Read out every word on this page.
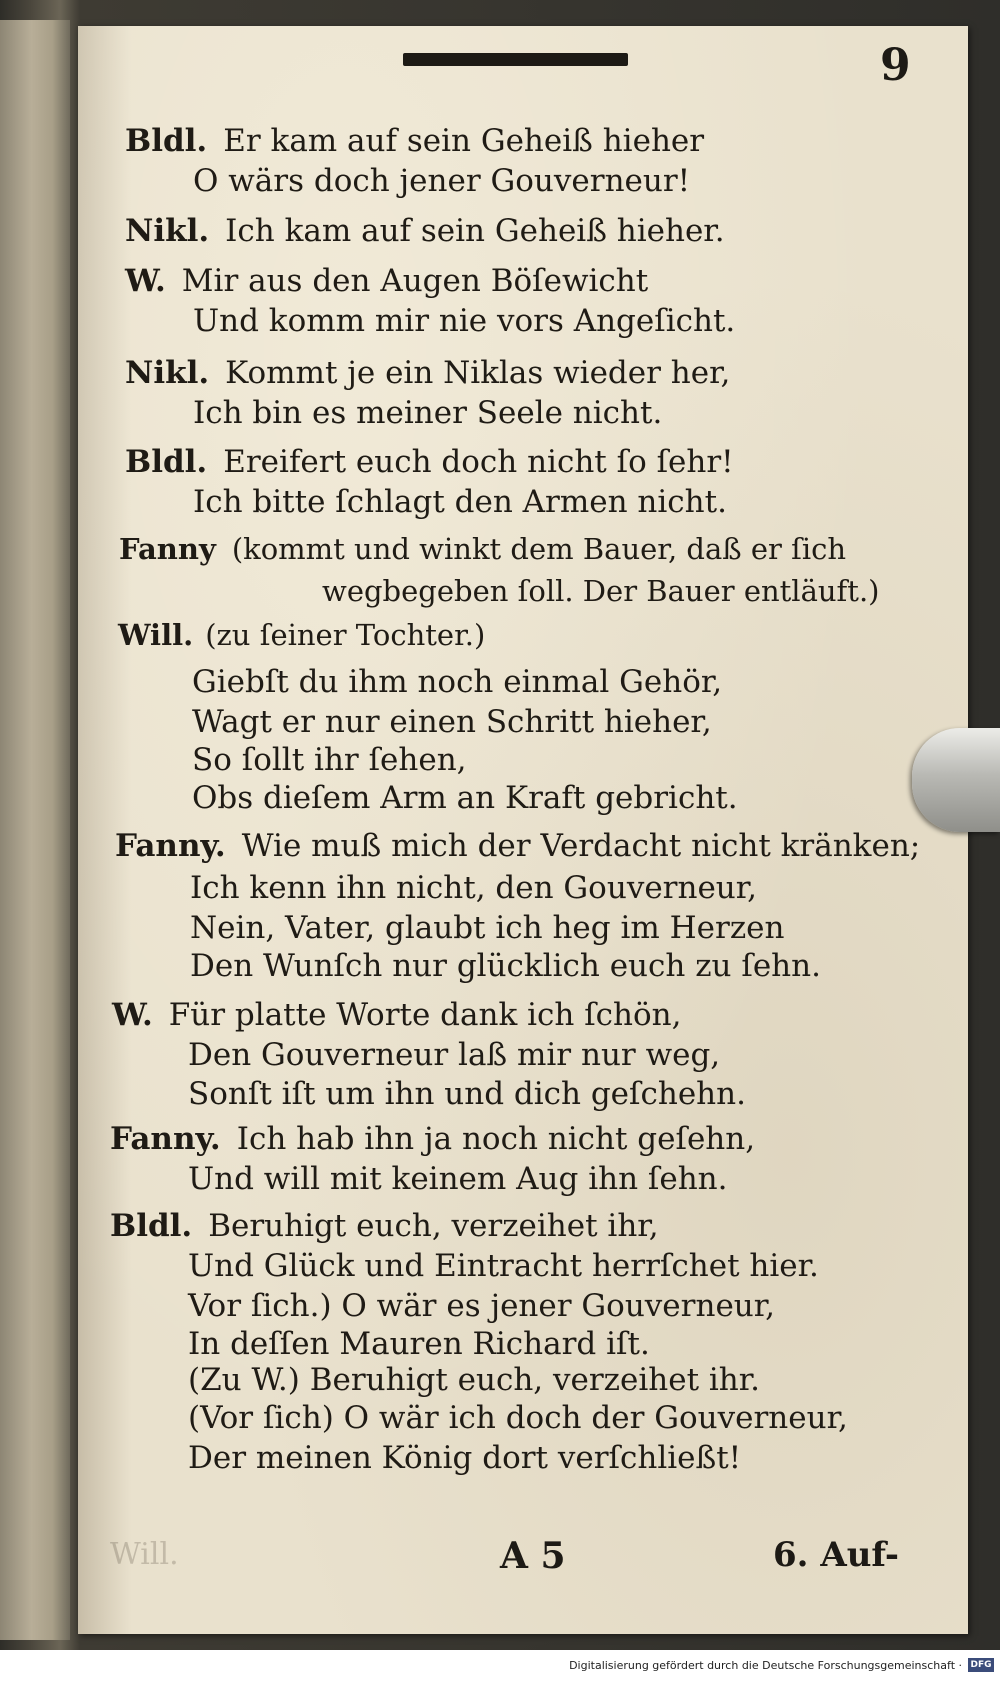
9
Bldl. Er kam auf sein Geheiß hieher
O wärs doch jener Gouverneur!
Nikl. Ich kam auf sein Geheiß hieher.
W. Mir aus den Augen Böſewicht
Und komm mir nie vors Angeſicht.
Nikl. Kommt je ein Niklas wieder her,
Ich bin es meiner Seele nicht.
Bldl. Ereifert euch doch nicht ſo ſehr!
Ich bitte ſchlagt den Armen nicht.
Fanny (kommt und winkt dem Bauer, daß er ſich
wegbegeben ſoll. Der Bauer entläuft.)
Will. (zu ſeiner Tochter.)
Giebſt du ihm noch einmal Gehör,
Wagt er nur einen Schritt hieher,
So ſollt ihr ſehen,
Obs dieſem Arm an Kraft gebricht.
Fanny. Wie muß mich der Verdacht nicht kränken;
Ich kenn ihn nicht, den Gouverneur,
Nein, Vater, glaubt ich heg im Herzen
Den Wunſch nur glücklich euch zu ſehn.
W. Für platte Worte dank ich ſchön,
Den Gouverneur laß mir nur weg,
Sonſt iſt um ihn und dich geſchehn.
Fanny. Ich hab ihn ja noch nicht geſehn,
Und will mit keinem Aug ihn ſehn.
Bldl. Beruhigt euch, verzeihet ihr,
Und Glück und Eintracht herrſchet hier.
Vor ſich.) O wär es jener Gouverneur,
In deſſen Mauren Richard iſt.
(Zu W.) Beruhigt euch, verzeihet ihr.
(Vor ſich) O wär ich doch der Gouverneur,
Der meinen König dort verſchließt!
Will.	A 5	6. Auf-
Digitalisierung gefördert durch die Deutsche Forschungsgemeinschaft · DFG
